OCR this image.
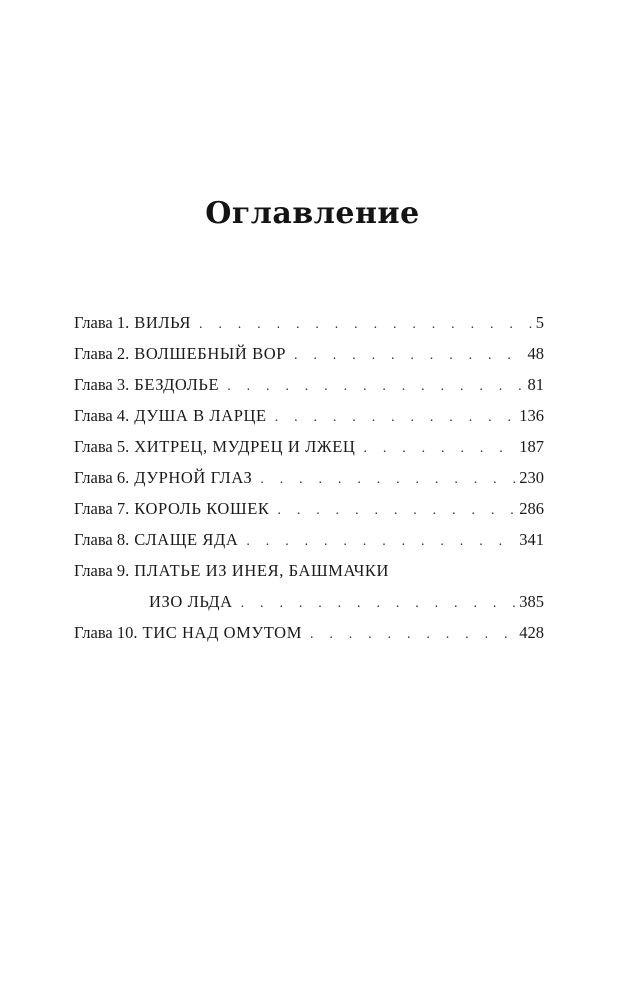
Оглавление
Глава 1. ВИЛЬЯ . . .	5
Глава 2. ВОЛШЕБНЫЙ ВОР . . .	48
Глава 3. БЕЗДОЛЬЕ . . .	81
Глава 4. ДУША В ЛАРЦЕ . . .	136
Глава 5. ХИТРЕЦ, МУДРЕЦ И ЛЖЕЦ . . .	187
Глава 6. ДУРНОЙ ГЛАЗ . . .	230
Глава 7. КОРОЛЬ КОШЕК . . .	286
Глава 8. СЛАЩЕ ЯДА . . .	341
Глава 9. ПЛАТЬЕ ИЗ ИНЕЯ, БАШМАЧКИ
ИЗО ЛЬДА . . .	385
Глава 10. ТИС НАД ОМУТОМ . . .	428
